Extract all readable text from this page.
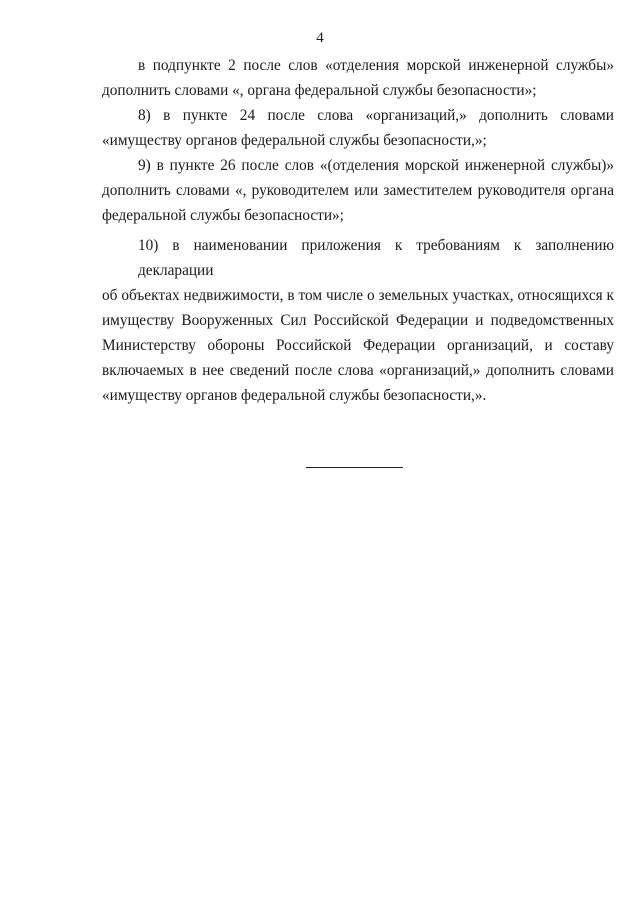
4
в подпункте 2 после слов «отделения морской инженерной службы»
дополнить словами «, органа федеральной службы безопасности»;
8) в пункте 24 после слова «организаций,» дополнить словами
«имуществу органов федеральной службы безопасности,»;
9) в пункте 26 после слов «(отделения морской инженерной службы)»
дополнить словами «, руководителем или заместителем руководителя органа
федеральной службы безопасности»;
10) в наименовании приложения к требованиям к заполнению декларации
об объектах недвижимости, в том числе о земельных участках, относящихся к
имуществу Вооруженных Сил Российской Федерации и подведомственных
Министерству обороны Российской Федерации организаций, и составу
включаемых в нее сведений после слова «организаций,» дополнить словами
«имуществу органов федеральной службы безопасности,».
